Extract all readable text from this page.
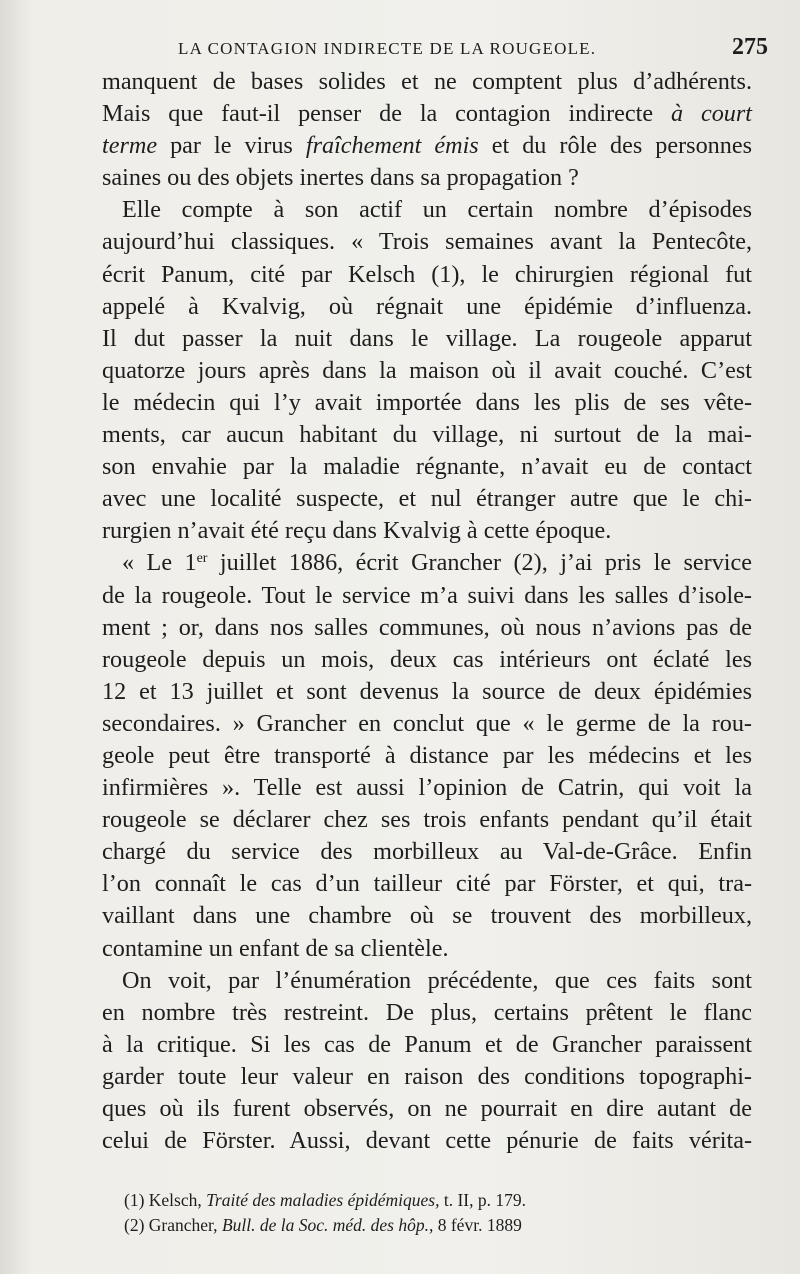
LA CONTAGION INDIRECTE DE LA ROUGEOLE.	275
manquent de bases solides et ne comptent plus d’adhérents.
Mais que faut-il penser de la contagion indirecte à court
terme par le virus fraîchement émis et du rôle des personnes
saines ou des objets inertes dans sa propagation ?
Elle compte à son actif un certain nombre d’épisodes
aujourd’hui classiques. « Trois semaines avant la Pentecôte,
écrit Panum, cité par Kelsch (1), le chirurgien régional fut
appelé à Kvalvig, où régnait une épidémie d’influenza.
Il dut passer la nuit dans le village. La rougeole apparut
quatorze jours après dans la maison où il avait couché. C’est
le médecin qui l’y avait importée dans les plis de ses vête-
ments, car aucun habitant du village, ni surtout de la mai-
son envahie par la maladie régnante, n’avait eu de contact
avec une localité suspecte, et nul étranger autre que le chi-
rurgien n’avait été reçu dans Kvalvig à cette époque.
« Le 1er juillet 1886, écrit Grancher (2), j’ai pris le service
de la rougeole. Tout le service m’a suivi dans les salles d’isole-
ment ; or, dans nos salles communes, où nous n’avions pas de
rougeole depuis un mois, deux cas intérieurs ont éclaté les
12 et 13 juillet et sont devenus la source de deux épidémies
secondaires. » Grancher en conclut que « le germe de la rou-
geole peut être transporté à distance par les médecins et les
infirmières ». Telle est aussi l’opinion de Catrin, qui voit la
rougeole se déclarer chez ses trois enfants pendant qu’il était
chargé du service des morbilleux au Val-de-Grâce. Enfin
l’on connaît le cas d’un tailleur cité par Förster, et qui, tra-
vaillant dans une chambre où se trouvent des morbilleux,
contamine un enfant de sa clientèle.
On voit, par l’énumération précédente, que ces faits sont
en nombre très restreint. De plus, certains prêtent le flanc
à la critique. Si les cas de Panum et de Grancher paraissent
garder toute leur valeur en raison des conditions topographi-
ques où ils furent observés, on ne pourrait en dire autant de
celui de Förster. Aussi, devant cette pénurie de faits vérita-
(1) Kelsch, Traité des maladies épidémiques, t. II, p. 179.
(2) Grancher, Bull. de la Soc. méd. des hôp., 8 févr. 1889
